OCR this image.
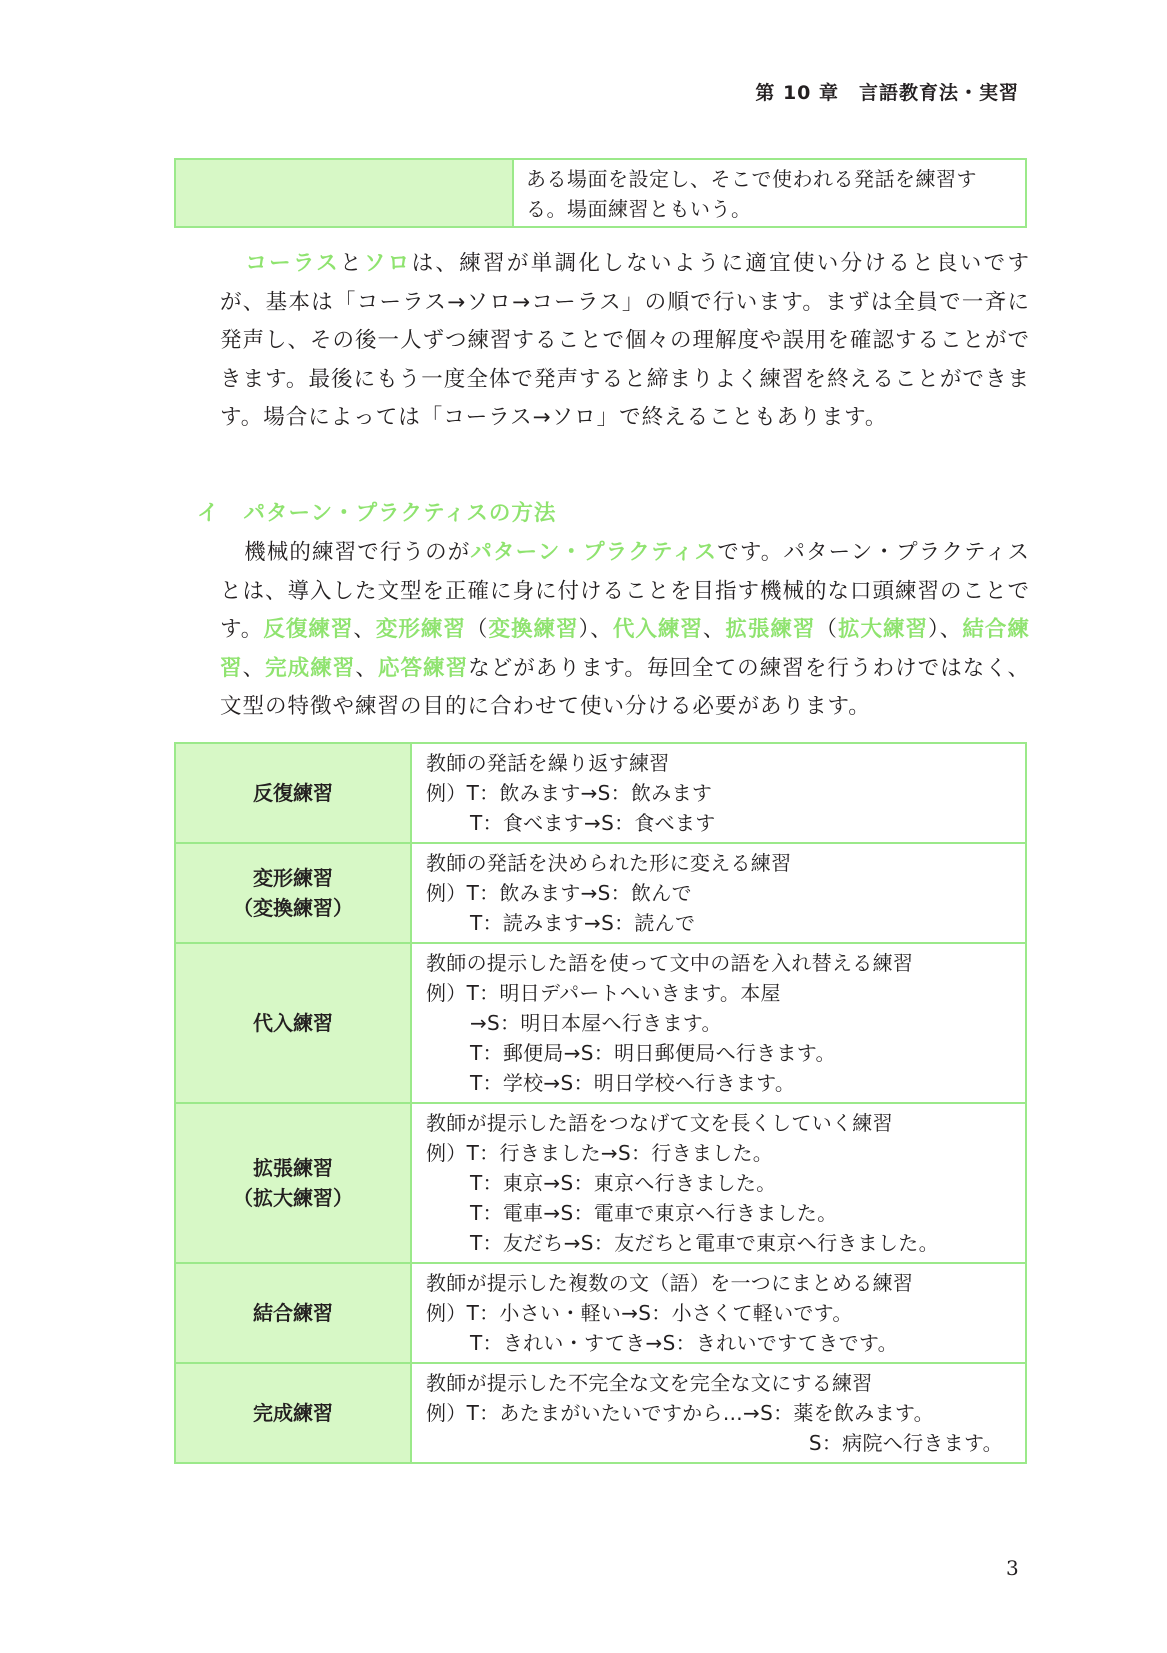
第 10 章　言語教育法・実習
ある場面を設定し、そこで使われる発話を練習す
る。場面練習ともいう。

コーラスとソロは、練習が単調化しないように適宜使い分けると良いですが、基本は「コーラス→ソロ→コーラス」の順で行います。まずは全員で一斉に発声し、その後一人ずつ練習することで個々の理解度や誤用を確認することができます。最後にもう一度全体で発声すると締まりよく練習を終えることができます。場合によっては「コーラス→ソロ」で終えることもあります。

イ パターン・プラクティスの方法

機械的練習で行うのがパターン・プラクティスです。パターン・プラクティスとは、導入した文型を正確に身に付けることを目指す機械的な口頭練習のことです。反復練習、変形練習（変換練習）、代入練習、拡張練習（拡大練習）、結合練習、完成練習、応答練習などがあります。毎回全ての練習を行うわけではなく、文型の特徴や練習の目的に合わせて使い分ける必要があります。

反復練習	教師の発話を繰り返す練習
例）T：飲みます→S：飲みます
T：食べます→S：食べます

変形練習
（変換練習）	教師の発話を決められた形に変える練習
例）T：飲みます→S：飲んで
T：読みます→S：読んで

代入練習	教師の提示した語を使って文中の語を入れ替える練習
例）T：明日デパートへいきます。本屋
→S：明日本屋へ行きます。
T：郵便局→S：明日郵便局へ行きます。
T：学校→S：明日学校へ行きます。

拡張練習
（拡大練習）	教師が提示した語をつなげて文を長くしていく練習
例）T：行きました→S：行きました。
T：東京→S：東京へ行きました。
T：電車→S：電車で東京へ行きました。
T：友だち→S：友だちと電車で東京へ行きました。

結合練習	教師が提示した複数の文（語）を一つにまとめる練習
例）T：小さい・軽い→S：小さくて軽いです。
T：きれい・すてき→S：きれいですてきです。

完成練習	教師が提示した不完全な文を完全な文にする練習
例）T：あたまがいたいですから…→S：薬を飲みます。
S：病院へ行きます。
3
